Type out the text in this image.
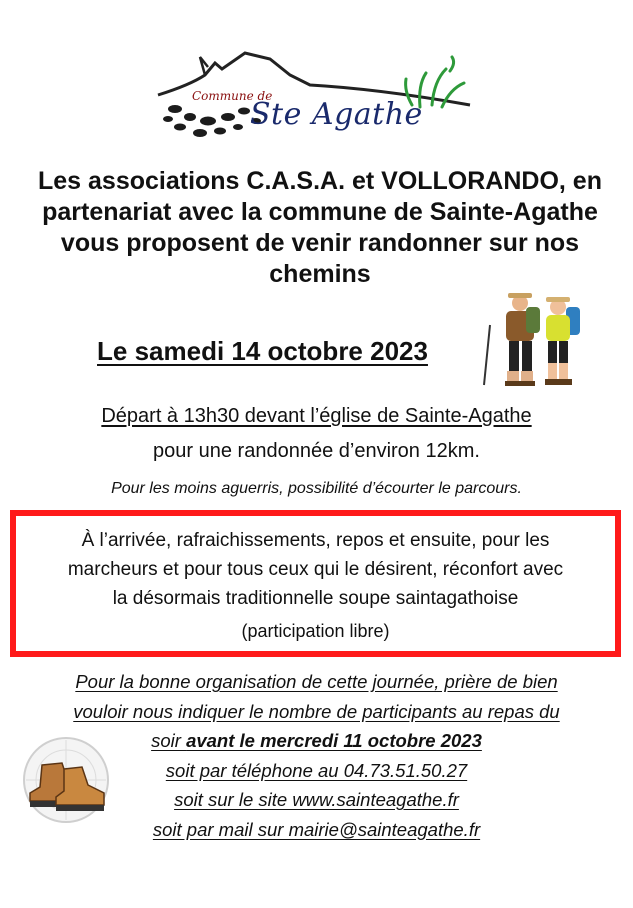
Commune de
Ste Agathe
Les associations C.A.S.A. et VOLLORANDO, en
partenariat avec la commune de Sainte-Agathe
vous proposent de venir randonner sur nos
chemins
Le samedi 14 octobre 2023
Départ à 13h30 devant l’église de Sainte-Agathe
pour une randonnée d’environ 12km.
Pour les moins aguerris, possibilité d’écourter le parcours.
À l’arrivée, rafraichissements, repos et ensuite, pour les
marcheurs et pour tous ceux qui le désirent, réconfort avec
la désormais traditionnelle soupe saintagathoise
(participation libre)
Pour la bonne organisation de cette journée, prière de bien
vouloir nous indiquer le nombre de participants au repas du
soir avant le mercredi 11 octobre 2023
soit par téléphone au 04.73.51.50.27
soit sur le site www.sainteagathe.fr
soit par mail sur mairie@sainteagathe.fr
